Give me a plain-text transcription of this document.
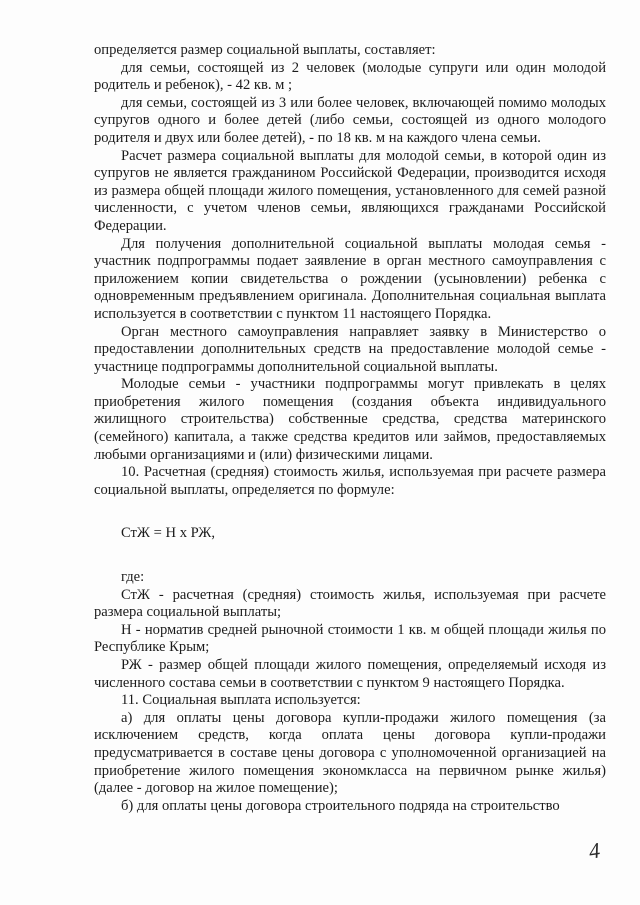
определяется размер социальной выплаты, составляет:

для семьи, состоящей из 2 человек (молодые супруги или один молодой родитель и ребенок), - 42 кв. м ;

для семьи, состоящей из 3 или более человек, включающей помимо молодых супругов одного и более детей (либо семьи, состоящей из одного молодого родителя и двух или более детей), - по 18 кв. м на каждого члена семьи.

Расчет размера социальной выплаты для молодой семьи, в которой один из супругов не является гражданином Российской Федерации, производится исходя из размера общей площади жилого помещения, установленного для семей разной численности, с учетом членов семьи, являющихся гражданами Российской Федерации.

Для получения дополнительной социальной выплаты молодая семья - участник подпрограммы подает заявление в орган местного самоуправления с приложением копии свидетельства о рождении (усыновлении) ребенка с одновременным предъявлением оригинала. Дополнительная социальная выплата используется в соответствии с пунктом 11 настоящего Порядка.

Орган местного самоуправления направляет заявку в Министерство о предоставлении дополнительных средств на предоставление молодой семье - участнице подпрограммы дополнительной социальной выплаты.

Молодые семьи - участники подпрограммы могут привлекать в целях приобретения жилого помещения (создания объекта индивидуального жилищного строительства) собственные средства, средства материнского (семейного) капитала, а также средства кредитов или займов, предоставляемых любыми организациями и (или) физическими лицами.

10. Расчетная (средняя) стоимость жилья, используемая при расчете размера социальной выплаты, определяется по формуле:

СтЖ = Н х РЖ,

где:

СтЖ - расчетная (средняя) стоимость жилья, используемая при расчете размера социальной выплаты;

Н - норматив средней рыночной стоимости 1 кв. м общей площади жилья по Республике Крым;

РЖ - размер общей площади жилого помещения, определяемый исходя из численного состава семьи в соответствии с пунктом 9 настоящего Порядка.

11. Социальная выплата используется:

а) для оплаты цены договора купли-продажи жилого помещения (за исключением средств, когда оплата цены договора купли-продажи предусматривается в составе цены договора с уполномоченной организацией на приобретение жилого помещения экономкласса на первичном рынке жилья) (далее - договор на жилое помещение);

б) для оплаты цены договора строительного подряда на строительство

4
